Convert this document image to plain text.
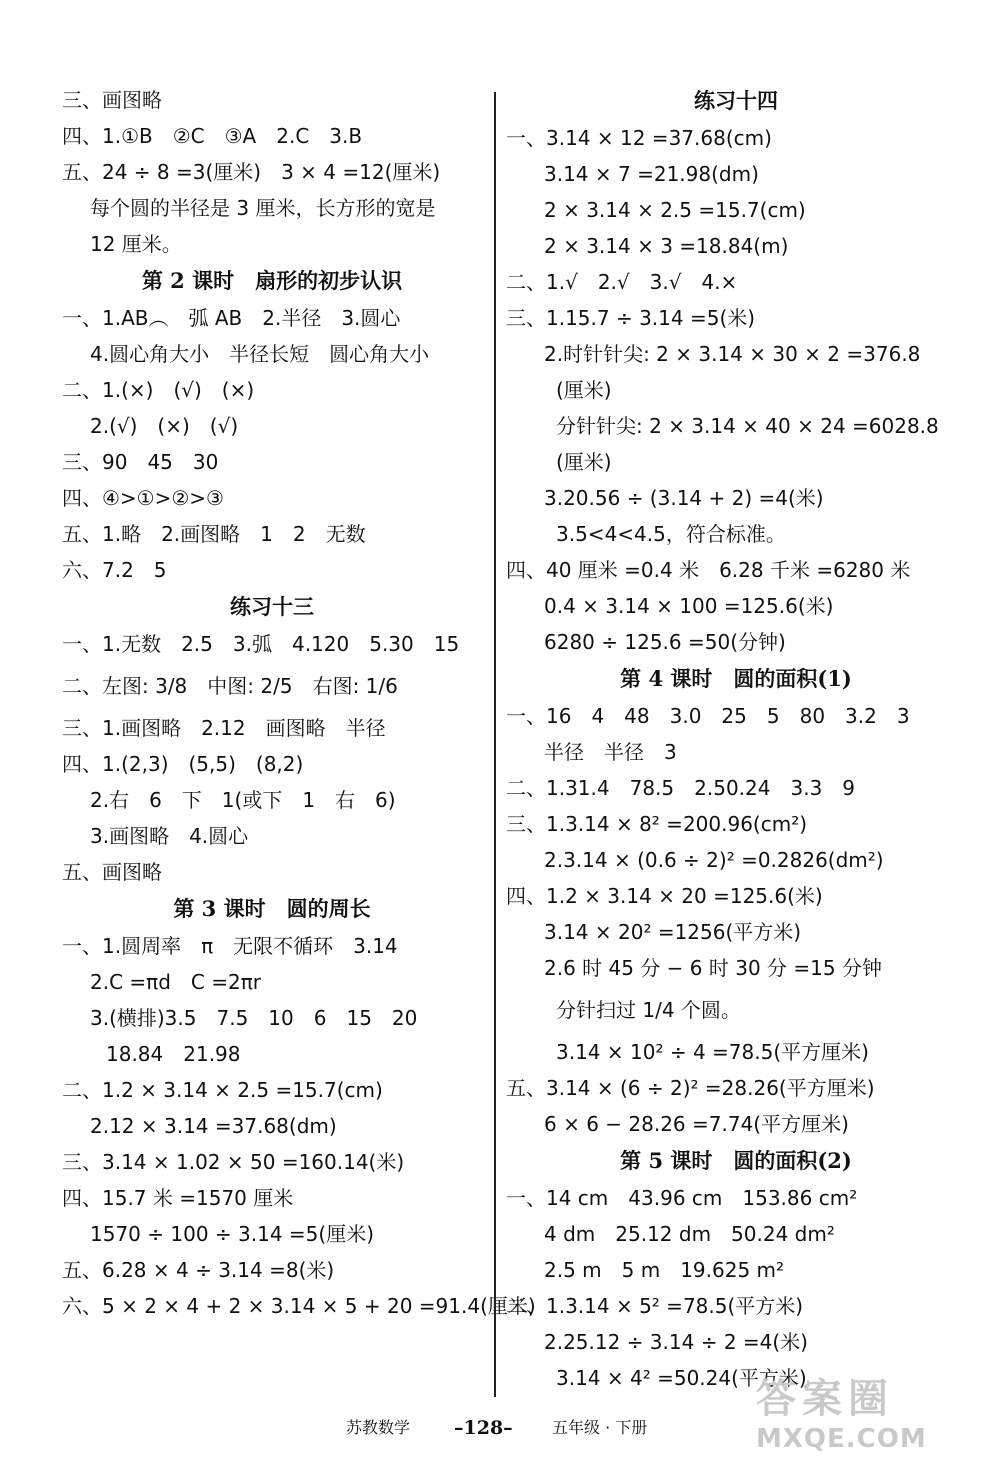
三、画图略
四、1.①B　②C　③A　2.C　3.B
五、24 ÷ 8 =3(厘米)　3 × 4 =12(厘米)
每个圆的半径是 3 厘米，长方形的宽是
12 厘米。
第 2 课时　扇形的初步认识
一、1.AB︵　弧 AB　2.半径　3.圆心
4.圆心角大小　半径长短　圆心角大小
二、1.(×)　(√)　(×)
2.(√)　(×)　(√)
三、90　45　30
四、④>①>②>③
五、1.略　2.画图略　1　2　无数
六、7.2　5
练习十三
一、1.无数　2.5　3.弧　4.120　5.30　15
二、左图: 3/8　中图: 2/5　右图: 1/6
三、1.画图略　2.12　画图略　半径
四、1.(2,3)　(5,5)　(8,2)
2.右　6　下　1(或下　1　右　6)
3.画图略　4.圆心
五、画图略
第 3 课时　圆的周长
一、1.圆周率　π　无限不循环　3.14
2.C =πd　C =2πr
3.(横排)3.5　7.5　10　6　15　20
18.84　21.98
二、1.2 × 3.14 × 2.5 =15.7(cm)
2.12 × 3.14 =37.68(dm)
三、3.14 × 1.02 × 50 =160.14(米)
四、15.7 米 =1570 厘米
1570 ÷ 100 ÷ 3.14 =5(厘米)
五、6.28 × 4 ÷ 3.14 =8(米)
六、5 × 2 × 4 + 2 × 3.14 × 5 + 20 =91.4(厘米)
练习十四
一、3.14 × 12 =37.68(cm)
3.14 × 7 =21.98(dm)
2 × 3.14 × 2.5 =15.7(cm)
2 × 3.14 × 3 =18.84(m)
二、1.√　2.√　3.√　4.×
三、1.15.7 ÷ 3.14 =5(米)
2.时针针尖: 2 × 3.14 × 30 × 2 =376.8
(厘米)
分针针尖: 2 × 3.14 × 40 × 24 =6028.8
(厘米)
3.20.56 ÷ (3.14 + 2) =4(米)
3.5<4<4.5，符合标准。
四、40 厘米 =0.4 米　6.28 千米 =6280 米
0.4 × 3.14 × 100 =125.6(米)
6280 ÷ 125.6 =50(分钟)
第 4 课时　圆的面积(1)
一、16　4　48　3.0　25　5　80　3.2　3
半径　半径　3
二、1.31.4　78.5　2.50.24　3.3　9
三、1.3.14 × 8² =200.96(cm²)
2.3.14 × (0.6 ÷ 2)² =0.2826(dm²)
四、1.2 × 3.14 × 20 =125.6(米)
3.14 × 20² =1256(平方米)
2.6 时 45 分 − 6 时 30 分 =15 分钟
分针扫过 1/4 个圆。
3.14 × 10² ÷ 4 =78.5(平方厘米)
五、3.14 × (6 ÷ 2)² =28.26(平方厘米)
6 × 6 − 28.26 =7.74(平方厘米)
第 5 课时　圆的面积(2)
一、14 cm　43.96 cm　153.86 cm²
4 dm　25.12 dm　50.24 dm²
2.5 m　5 m　19.625 m²
二、1.3.14 × 5² =78.5(平方米)
2.25.12 ÷ 3.14 ÷ 2 =4(米)
3.14 × 4² =50.24(平方米)
苏教数学 –128– 五年级 · 下册
答案圈
MXQE.COM
